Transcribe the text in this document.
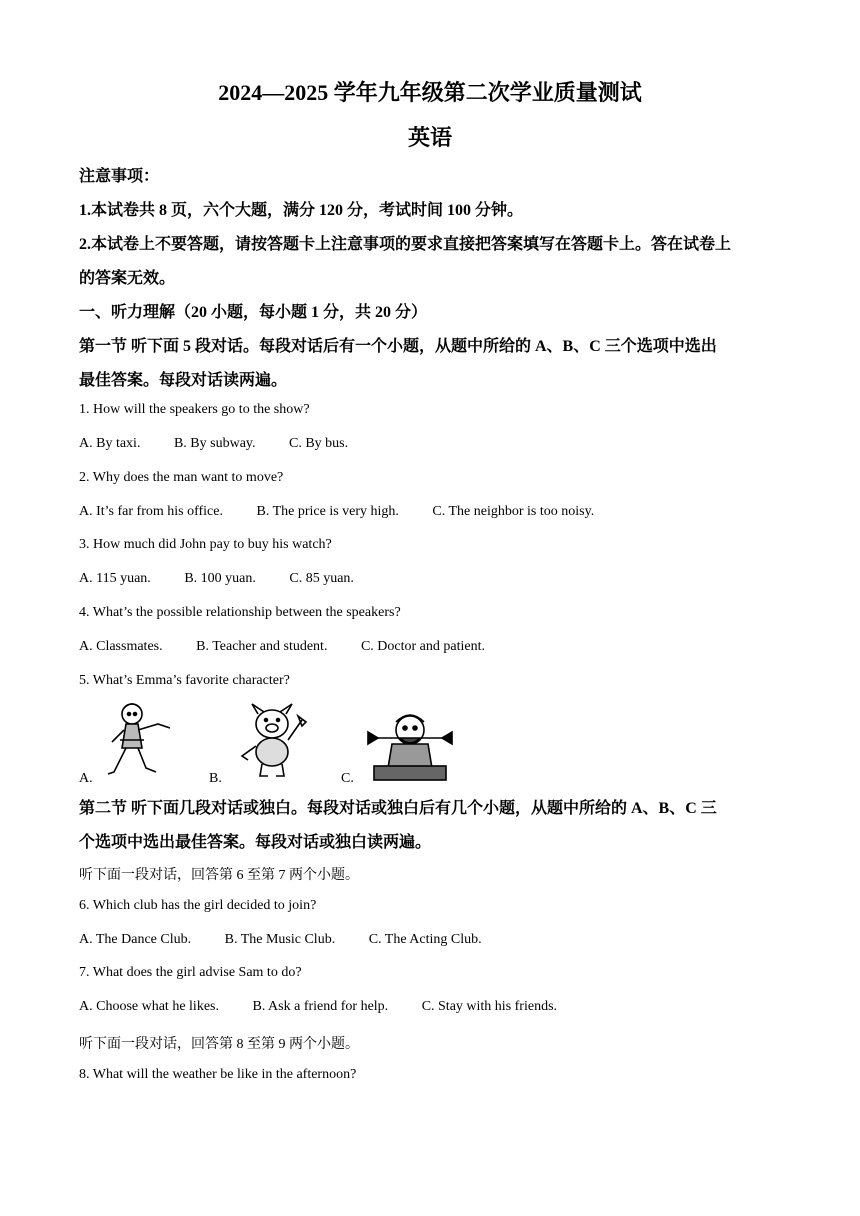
2024—2025 学年九年级第二次学业质量测试
英语
注意事项：
1.本试卷共 8 页，六个大题，满分 120 分，考试时间 100 分钟。
2.本试卷上不要答题，请按答题卡上注意事项的要求直接把答案填写在答题卡上。答在试卷上
的答案无效。
一、听力理解（20 小题，每小题 1 分，共 20 分）
第一节 听下面 5 段对话。每段对话后有一个小题，从题中所给的 A、B、C 三个选项中选出
最佳答案。每段对话读两遍。
1. How will the speakers go to the show?
A. By taxi. B. By subway. C. By bus.
2. Why does the man want to move?
A. It’s far from his office. B. The price is very high. C. The neighbor is too noisy.
3. How much did John pay to buy his watch?
A. 115 yuan. B. 100 yuan. C. 85 yuan.
4. What’s the possible relationship between the speakers?
A. Classmates. B. Teacher and student. C. Doctor and patient.
5. What’s Emma’s favorite character?
A.	B.	C.
第二节 听下面几段对话或独白。每段对话或独白后有几个小题，从题中所给的 A、B、C 三
个选项中选出最佳答案。每段对话或独白读两遍。
听下面一段对话，回答第 6 至第 7 两个小题。
6. Which club has the girl decided to join?
A. The Dance Club. B. The Music Club. C. The Acting Club.
7. What does the girl advise Sam to do?
A. Choose what he likes. B. Ask a friend for help. C. Stay with his friends.
听下面一段对话，回答第 8 至第 9 两个小题。
8. What will the weather be like in the afternoon?
